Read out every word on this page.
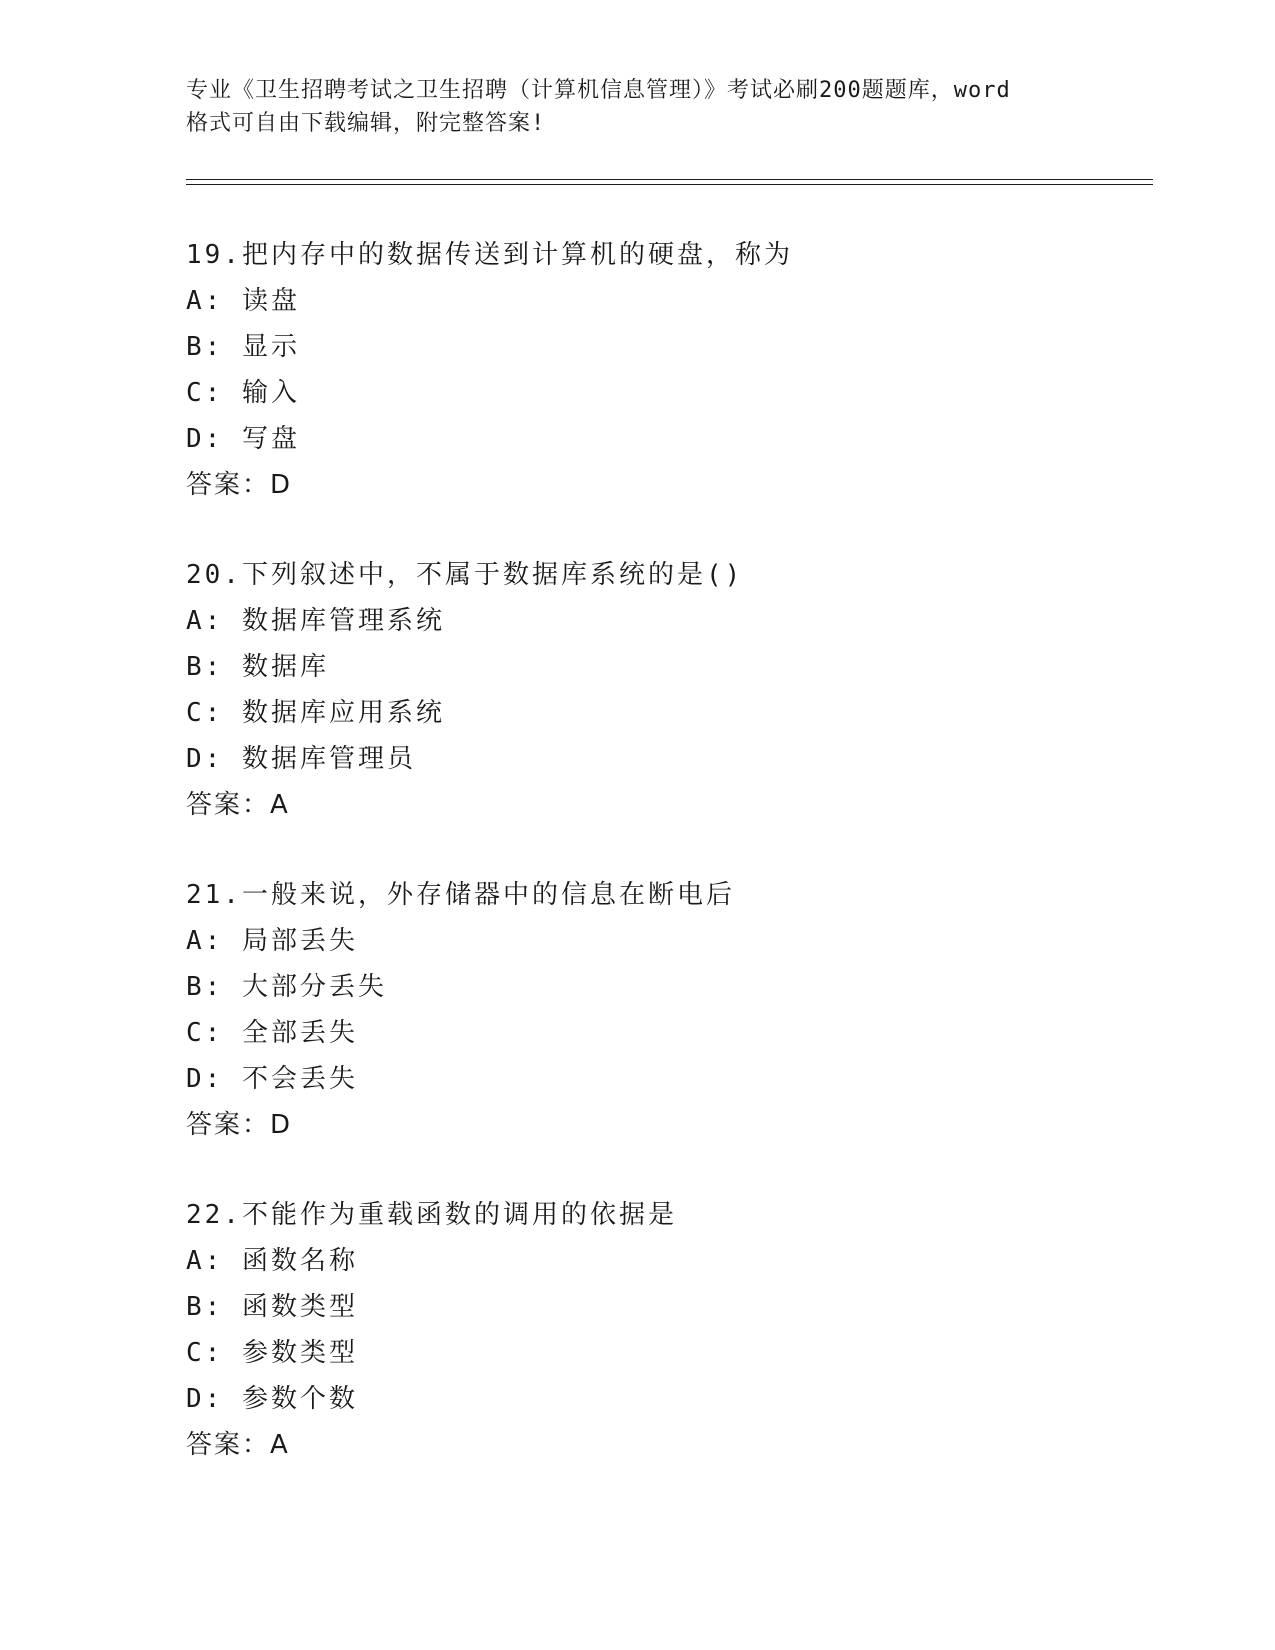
专业《卫生招聘考试之卫生招聘（计算机信息管理）》考试必刷200题题库，word
格式可自由下载编辑，附完整答案!
19.把内存中的数据传送到计算机的硬盘，称为
A: 读盘
B: 显示
C: 输入
D: 写盘
答案：D
20.下列叙述中，不属于数据库系统的是()
A: 数据库管理系统
B: 数据库
C: 数据库应用系统
D: 数据库管理员
答案：A
21.一般来说，外存储器中的信息在断电后
A: 局部丢失
B: 大部分丢失
C: 全部丢失
D: 不会丢失
答案：D
22.不能作为重载函数的调用的依据是
A: 函数名称
B: 函数类型
C: 参数类型
D: 参数个数
答案：A
